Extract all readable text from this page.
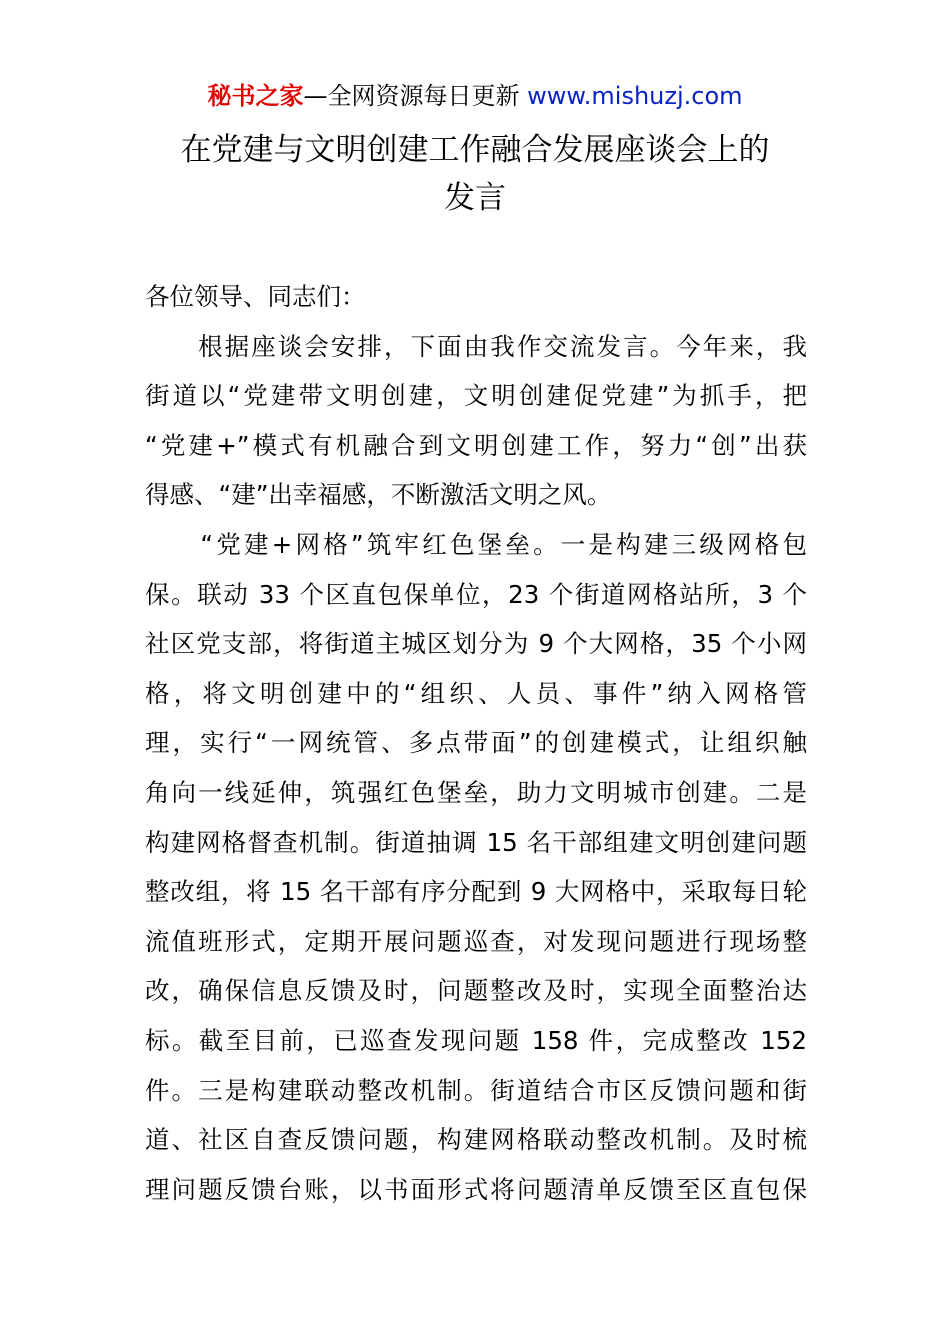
秘书之家—全网资源每日更新 www.mishuzj.com
在党建与文明创建工作融合发展座谈会上的
发言
各位领导、同志们：
　　根据座谈会安排，下面由我作交流发言。今年来，我
街道以“党建带文明创建，文明创建促党建”为抓手，把
“党建+”模式有机融合到文明创建工作，努力“创”出获
得感、“建”出幸福感，不断激活文明之风。
　　“党建+网格”筑牢红色堡垒。一是构建三级网格包
保。联动 33 个区直包保单位，23 个街道网格站所，3 个
社区党支部，将街道主城区划分为 9 个大网格，35 个小网
格，将文明创建中的“组织、人员、事件”纳入网格管
理，实行“一网统管、多点带面”的创建模式，让组织触
角向一线延伸，筑强红色堡垒，助力文明城市创建。二是
构建网格督查机制。街道抽调 15 名干部组建文明创建问题
整改组，将 15 名干部有序分配到 9 大网格中，采取每日轮
流值班形式，定期开展问题巡查，对发现问题进行现场整
改，确保信息反馈及时，问题整改及时，实现全面整治达
标。截至目前，已巡查发现问题 158 件，完成整改 152
件。三是构建联动整改机制。街道结合市区反馈问题和街
道、社区自查反馈问题，构建网格联动整改机制。及时梳
理问题反馈台账，以书面形式将问题清单反馈至区直包保
